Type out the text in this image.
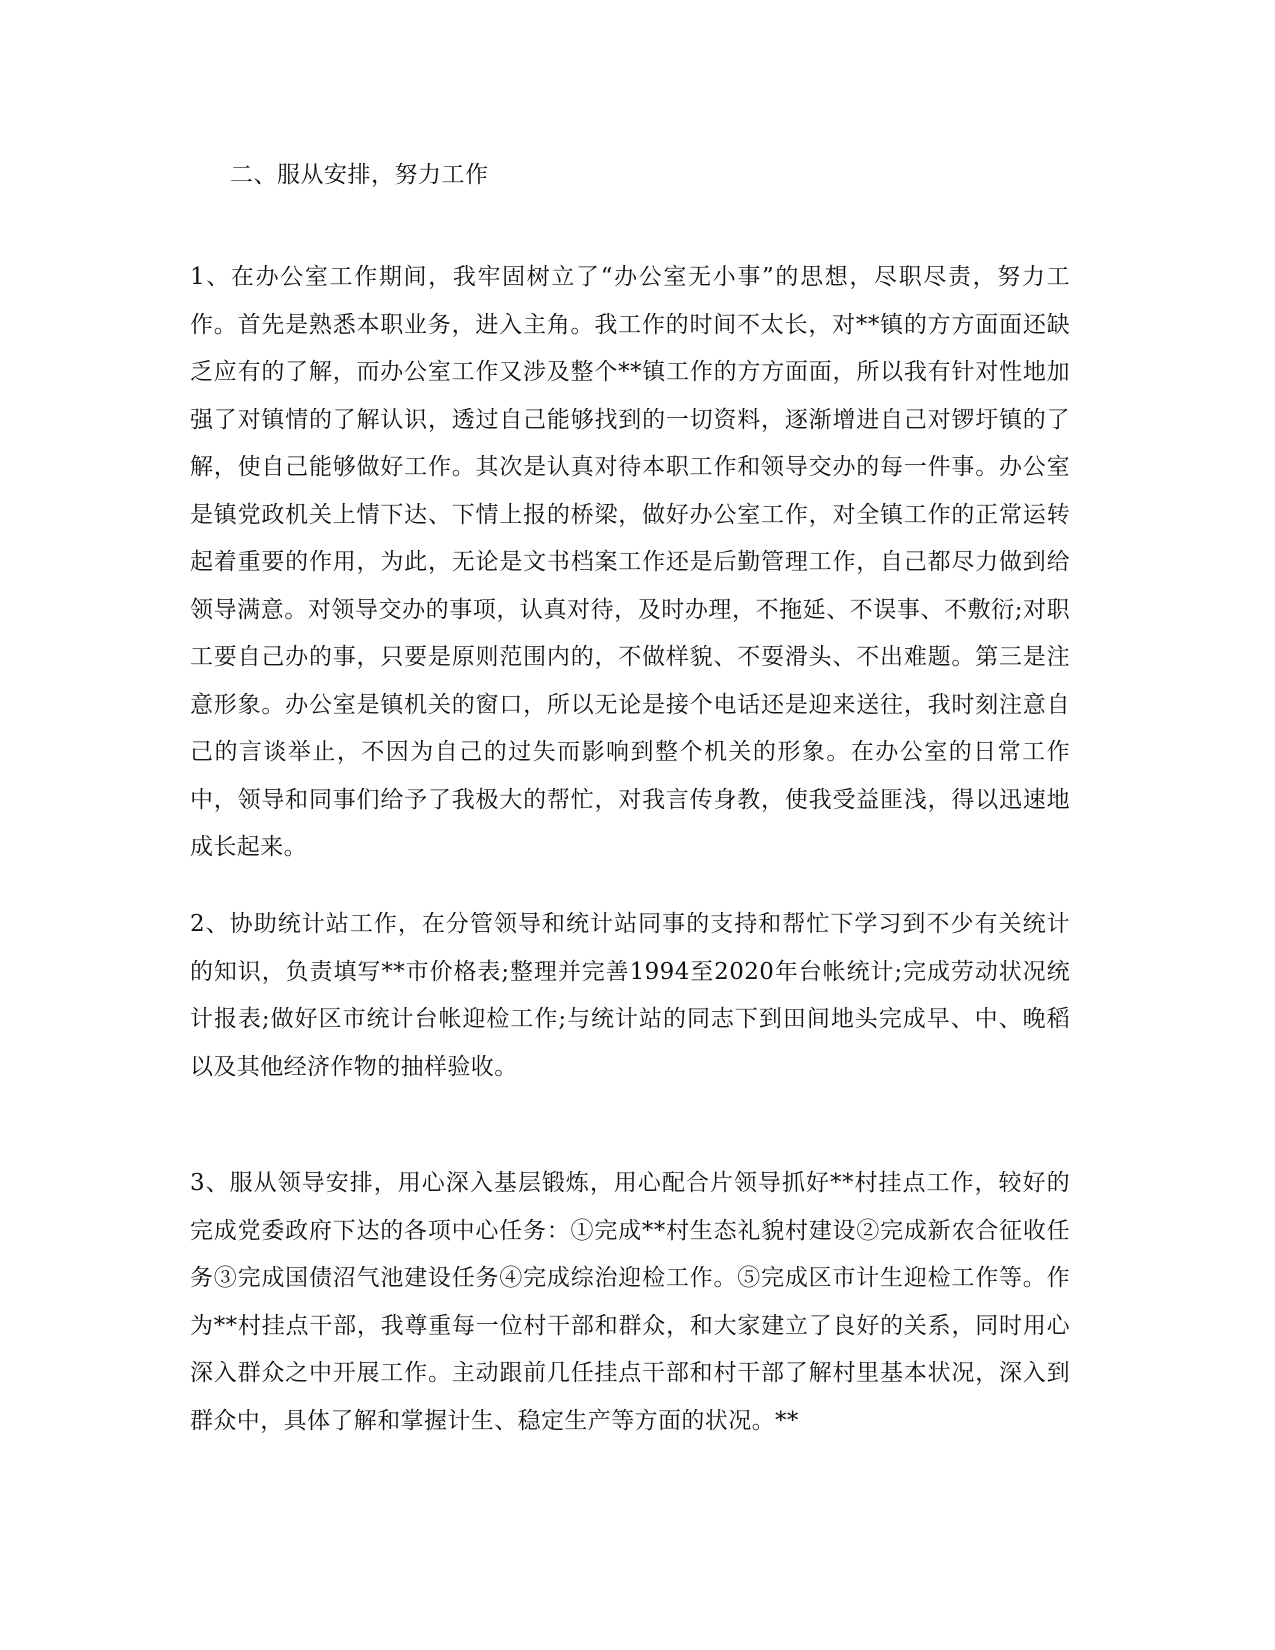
二、服从安排，努力工作
1、在办公室工作期间，我牢固树立了“办公室无小事”的思想，尽职尽责，努力工作。首先是熟悉本职业务，进入主角。我工作的时间不太长，对**镇的方方面面还缺乏应有的了解，而办公室工作又涉及整个**镇工作的方方面面，所以我有针对性地加强了对镇情的了解认识，透过自己能够找到的一切资料，逐渐增进自己对锣圩镇的了解，使自己能够做好工作。其次是认真对待本职工作和领导交办的每一件事。办公室是镇党政机关上情下达、下情上报的桥梁，做好办公室工作，对全镇工作的正常运转起着重要的作用，为此，无论是文书档案工作还是后勤管理工作，自己都尽力做到给领导满意。对领导交办的事项，认真对待，及时办理，不拖延、不误事、不敷衍;对职工要自己办的事，只要是原则范围内的，不做样貌、不耍滑头、不出难题。第三是注意形象。办公室是镇机关的窗口，所以无论是接个电话还是迎来送往，我时刻注意自己的言谈举止，不因为自己的过失而影响到整个机关的形象。在办公室的日常工作中，领导和同事们给予了我极大的帮忙，对我言传身教，使我受益匪浅，得以迅速地成长起来。
2、协助统计站工作，在分管领导和统计站同事的支持和帮忙下学习到不少有关统计的知识，负责填写**市价格表;整理并完善1994至2020年台帐统计;完成劳动状况统计报表;做好区市统计台帐迎检工作;与统计站的同志下到田间地头完成早、中、晚稻以及其他经济作物的抽样验收。
3、服从领导安排，用心深入基层锻炼，用心配合片领导抓好**村挂点工作，较好的完成党委政府下达的各项中心任务：①完成**村生态礼貌村建设②完成新农合征收任务③完成国债沼气池建设任务④完成综治迎检工作。⑤完成区市计生迎检工作等。作为**村挂点干部，我尊重每一位村干部和群众，和大家建立了良好的关系，同时用心深入群众之中开展工作。主动跟前几任挂点干部和村干部了解村里基本状况，深入到群众中，具体了解和掌握计生、稳定生产等方面的状况。**
